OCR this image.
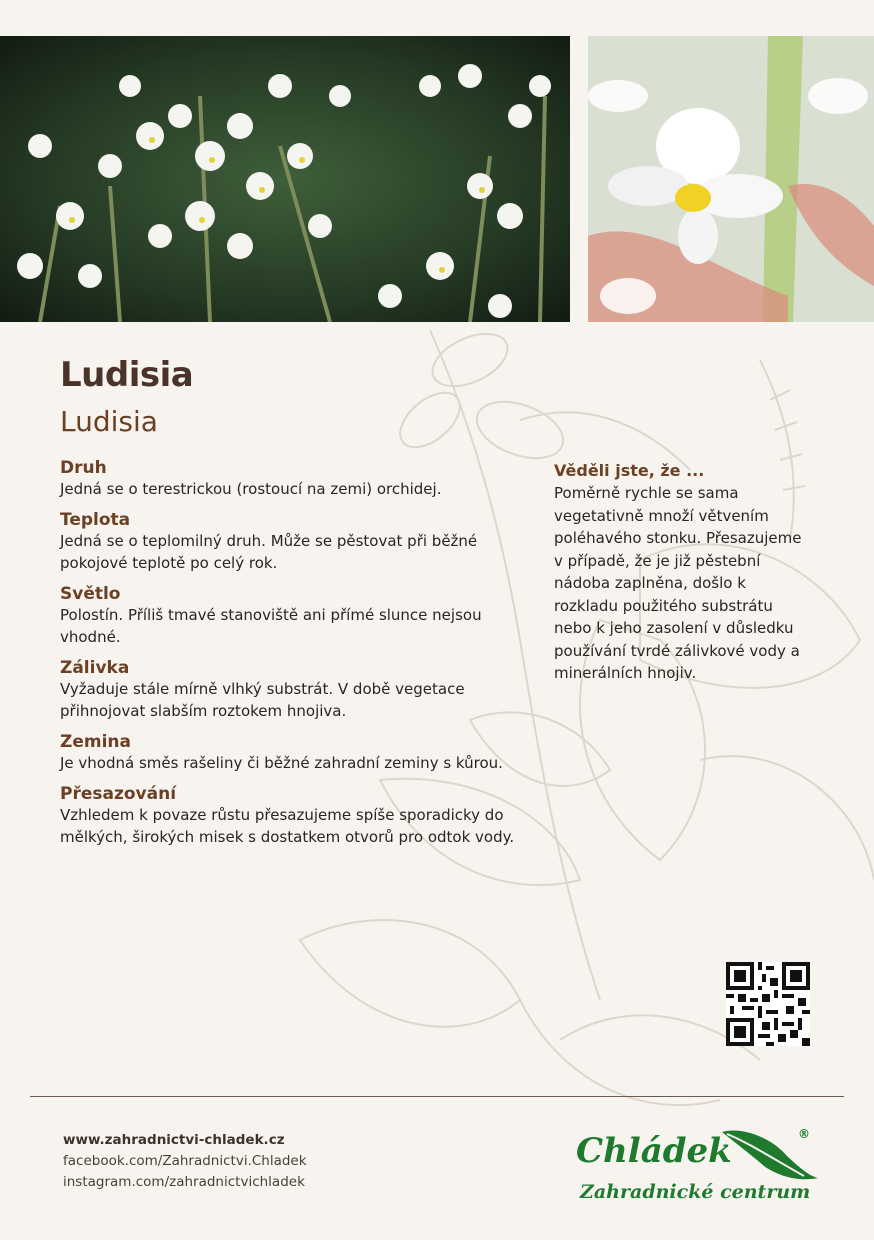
Ludisia
Ludisia
Druh

Jedná se o terestrickou (rostoucí na zemi) orchidej.

Teplota

Jedná se o teplomilný druh. Může se pěstovat při běžné pokojové teplotě po celý rok.

Světlo

Polostín. Příliš tmavé stanoviště ani přímé slunce nejsou vhodné.

Zálivka

Vyžaduje stále mírně vlhký substrát. V době vegetace přihnojovat slabším roztokem hnojiva.

Zemina

Je vhodná směs rašeliny či běžné zahradní zeminy s kůrou.

Přesazování

Vzhledem k povaze růstu přesazujeme spíše sporadicky do mělkých, širokých misek s dostatkem otvorů pro odtok vody.

Věděli jste, že ...

Poměrně rychle se sama vegetativně množí větvením poléhavého stonku. Přesazujeme v případě, že je již pěstební nádoba zaplněna, došlo k rozkladu použitého substrátu nebo k jeho zasolení v důsledku používání tvrdé zálivkové vody a minerálních hnojiv.

www.zahradnictvi-chladek.cz
facebook.com/Zahradnictvi.Chladek
instagram.com/zahradnictvichladek
Chládek
Zahradnické centrum
®
